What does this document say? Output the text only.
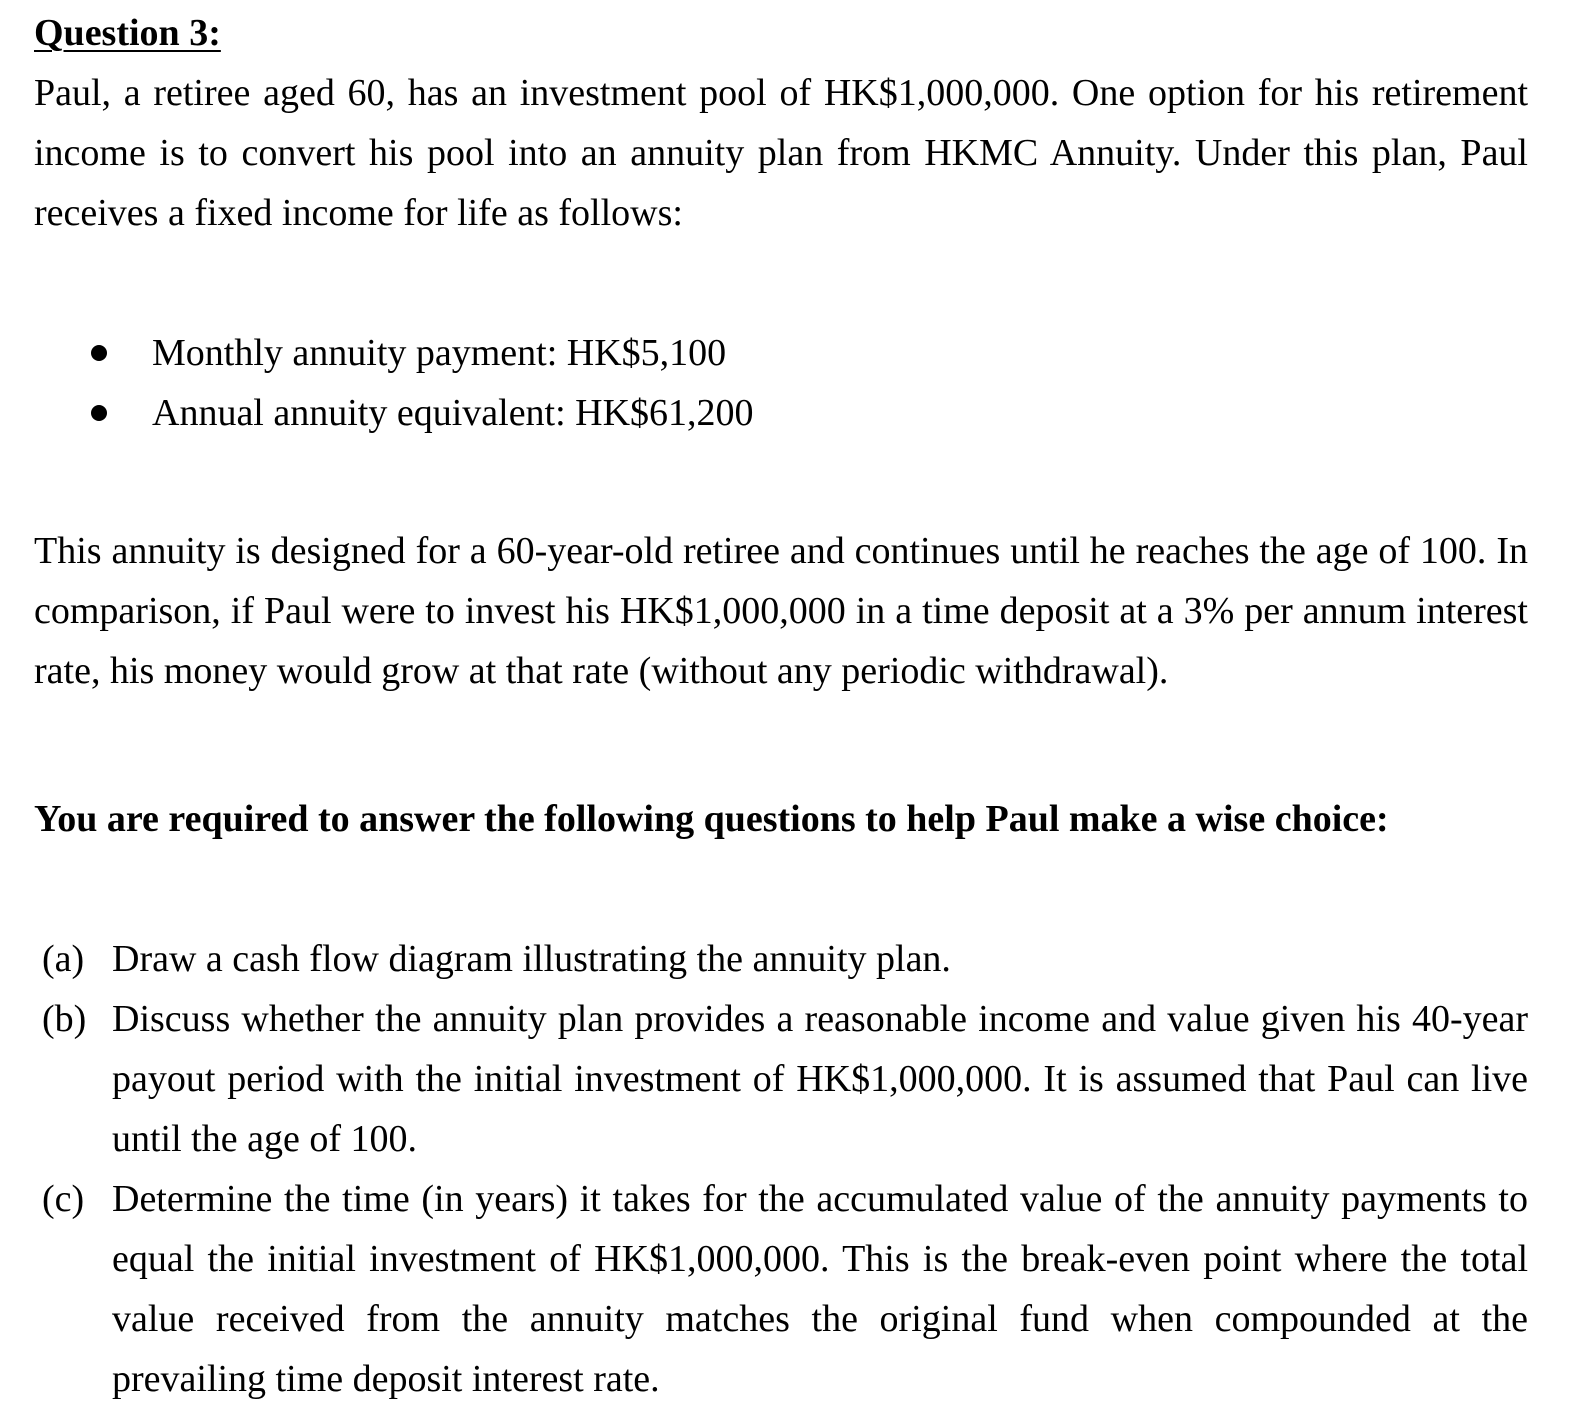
Question 3:

Paul, a retiree aged 60, has an investment pool of HK$1,000,000. One option for his retirement income is to convert his pool into an annuity plan from HKMC Annuity. Under this plan, Paul receives a fixed income for life as follows:

Monthly annuity payment: HK$5,100
Annual annuity equivalent: HK$61,200

This annuity is designed for a 60-year-old retiree and continues until he reaches the age of 100. In comparison, if Paul were to invest his HK$1,000,000 in a time deposit at a 3% per annum interest rate, his money would grow at that rate (without any periodic withdrawal).

You are required to answer the following questions to help Paul make a wise choice:

(a) Draw a cash flow diagram illustrating the annuity plan.
(b) Discuss whether the annuity plan provides a reasonable income and value given his 40-year payout period with the initial investment of HK$1,000,000. It is assumed that Paul can live until the age of 100.
(c) Determine the time (in years) it takes for the accumulated value of the annuity payments to equal the initial investment of HK$1,000,000. This is the break-even point where the total value received from the annuity matches the original fund when compounded at the prevailing time deposit interest rate.
